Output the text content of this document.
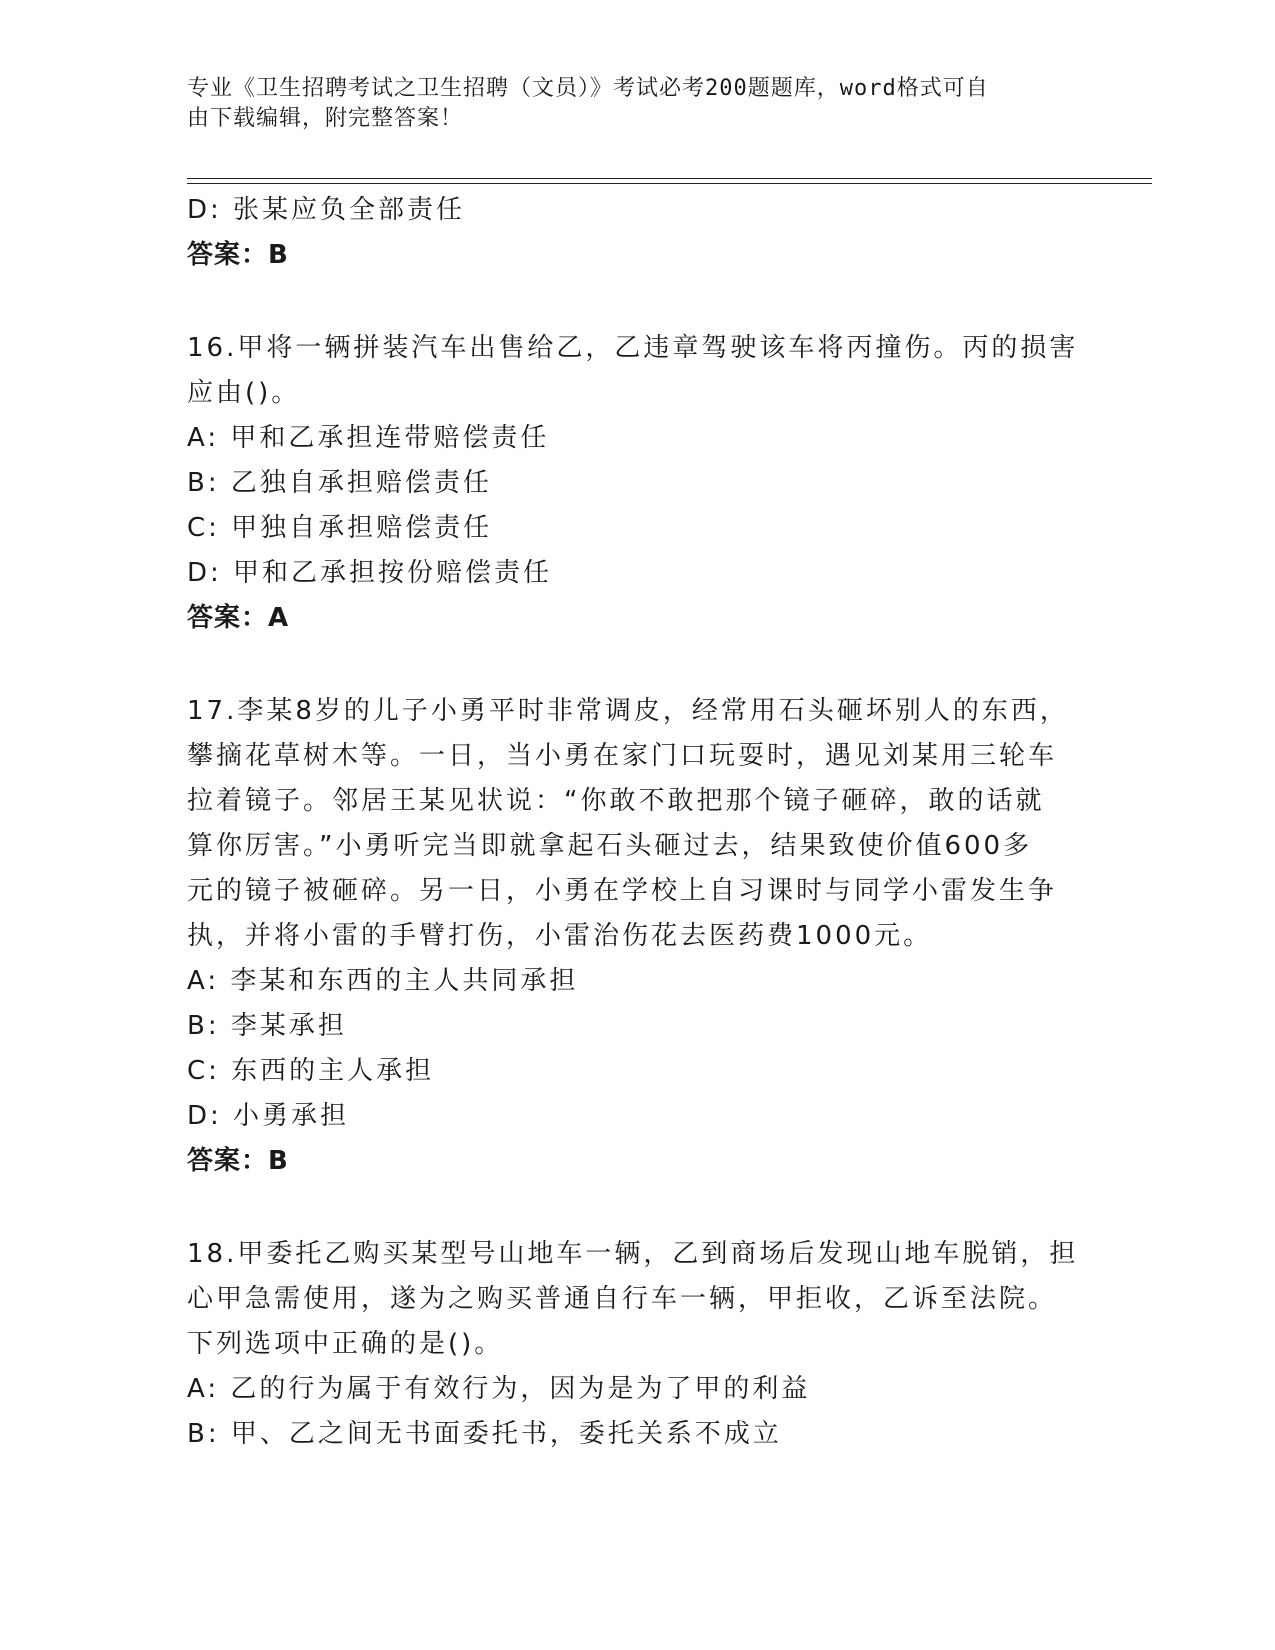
专业《卫生招聘考试之卫生招聘（文员）》考试必考200题题库，word格式可自
由下载编辑，附完整答案！

D: 张某应负全部责任

答案：B

16.甲将一辆拼装汽车出售给乙，乙违章驾驶该车将丙撞伤。丙的损害

应由()。

A: 甲和乙承担连带赔偿责任

B: 乙独自承担赔偿责任

C: 甲独自承担赔偿责任

D: 甲和乙承担按份赔偿责任

答案：A

17.李某8岁的儿子小勇平时非常调皮，经常用石头砸坏别人的东西，

攀摘花草树木等。一日，当小勇在家门口玩耍时，遇见刘某用三轮车

拉着镜子。邻居王某见状说：“你敢不敢把那个镜子砸碎，敢的话就

算你厉害。”小勇听完当即就拿起石头砸过去，结果致使价值600多

元的镜子被砸碎。另一日，小勇在学校上自习课时与同学小雷发生争

执，并将小雷的手臂打伤，小雷治伤花去医药费1000元。

A: 李某和东西的主人共同承担

B: 李某承担

C: 东西的主人承担

D: 小勇承担

答案：B

18.甲委托乙购买某型号山地车一辆，乙到商场后发现山地车脱销，担

心甲急需使用，遂为之购买普通自行车一辆，甲拒收，乙诉至法院。

下列选项中正确的是()。

A: 乙的行为属于有效行为，因为是为了甲的利益

B: 甲、乙之间无书面委托书，委托关系不成立
